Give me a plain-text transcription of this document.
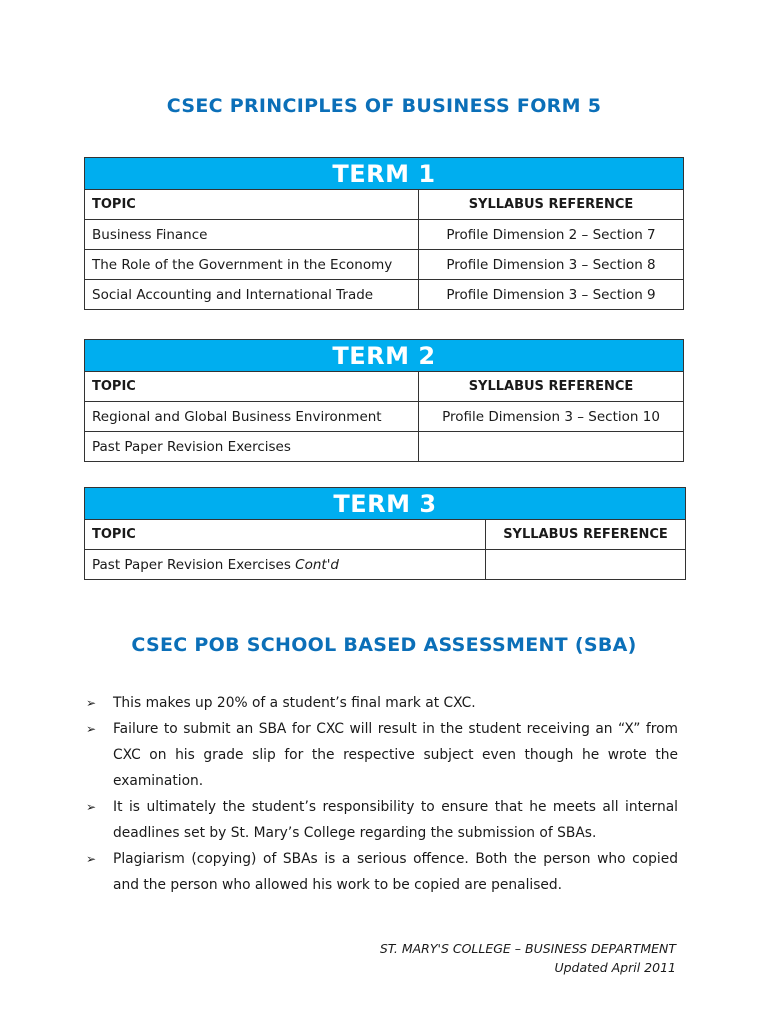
CSEC PRINCIPLES OF BUSINESS FORM 5
TERM 1	
TOPIC	SYLLABUS REFERENCE
Business Finance	Profile Dimension 2 – Section 7
The Role of the Government in the Economy	Profile Dimension 3 – Section 8
Social Accounting and International Trade	Profile Dimension 3 – Section 9
TERM 2	
TOPIC	SYLLABUS REFERENCE
Regional and Global Business Environment	Profile Dimension 3 – Section 10
Past Paper Revision Exercises	
TERM 3	
TOPIC	SYLLABUS REFERENCE
Past Paper Revision Exercises Cont'd	
CSEC POB SCHOOL BASED ASSESSMENT (SBA)
➢ This makes up 20% of a student’s final mark at CXC.
➢ Failure to submit an SBA for CXC will result in the student receiving an “X” from CXC on his grade slip for the respective subject even though he wrote the examination.
➢ It is ultimately the student’s responsibility to ensure that he meets all internal deadlines set by St. Mary’s College regarding the submission of SBAs.
➢ Plagiarism (copying) of SBAs is a serious offence. Both the person who copied and the person who allowed his work to be copied are penalised.
ST. MARY'S COLLEGE – BUSINESS DEPARTMENT
Updated April 2011
